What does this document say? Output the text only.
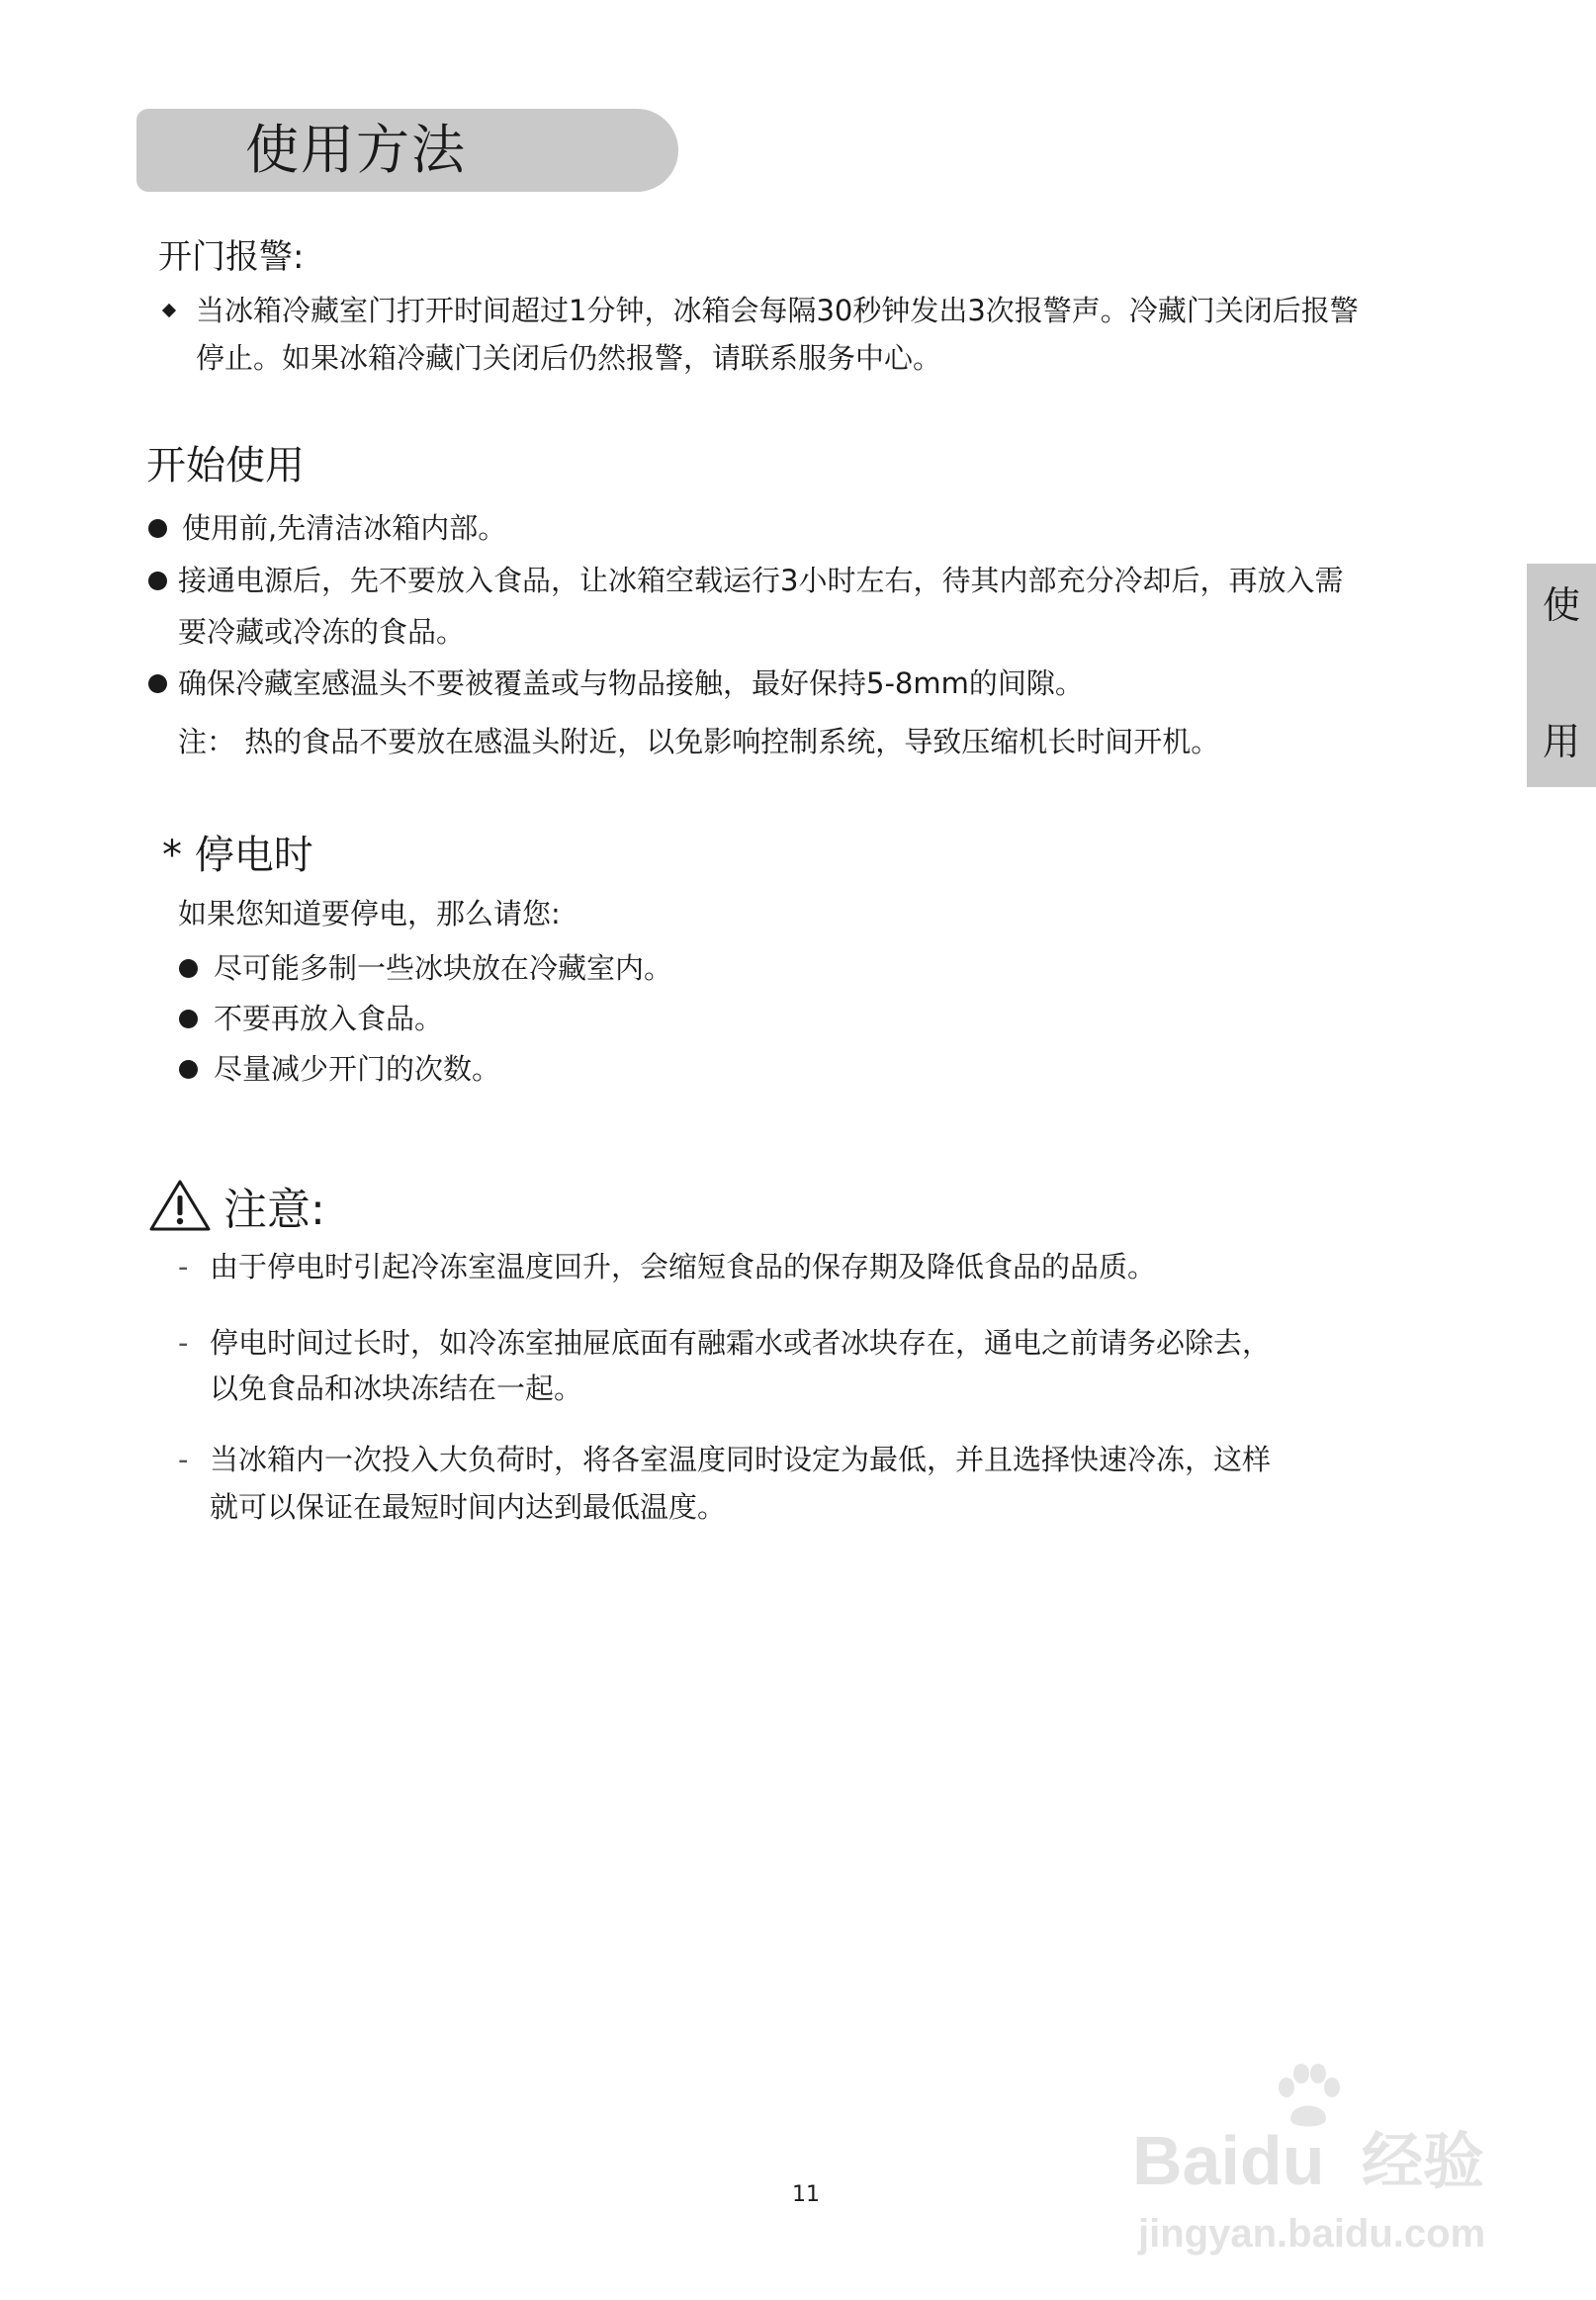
使用方法
使
用
开门报警:
当冰箱冷藏室门打开时间超过1分钟，冰箱会每隔30秒钟发出3次报警声。冷藏门关闭后报警
停止。如果冰箱冷藏门关闭后仍然报警，请联系服务中心。
开始使用
使用前,先清洁冰箱内部。
接通电源后，先不要放入食品，让冰箱空载运行3小时左右，待其内部充分冷却后，再放入需
要冷藏或冷冻的食品。
确保冷藏室感温头不要被覆盖或与物品接触，最好保持5-8mm的间隙。
注： 热的食品不要放在感温头附近，以免影响控制系统，导致压缩机长时间开机。
* 停电时
如果您知道要停电，那么请您:
尽可能多制一些冰块放在冷藏室内。
不要再放入食品。
尽量减少开门的次数。
注意:
- 由于停电时引起冷冻室温度回升，会缩短食品的保存期及降低食品的品质。
- 停电时间过长时，如冷冻室抽屉底面有融霜水或者冰块存在，通电之前请务必除去，
以免食品和冰块冻结在一起。
- 当冰箱内一次投入大负荷时，将各室温度同时设定为最低，并且选择快速冷冻，这样
就可以保证在最短时间内达到最低温度。
11	Baidu 经验
jingyan.baidu.com
